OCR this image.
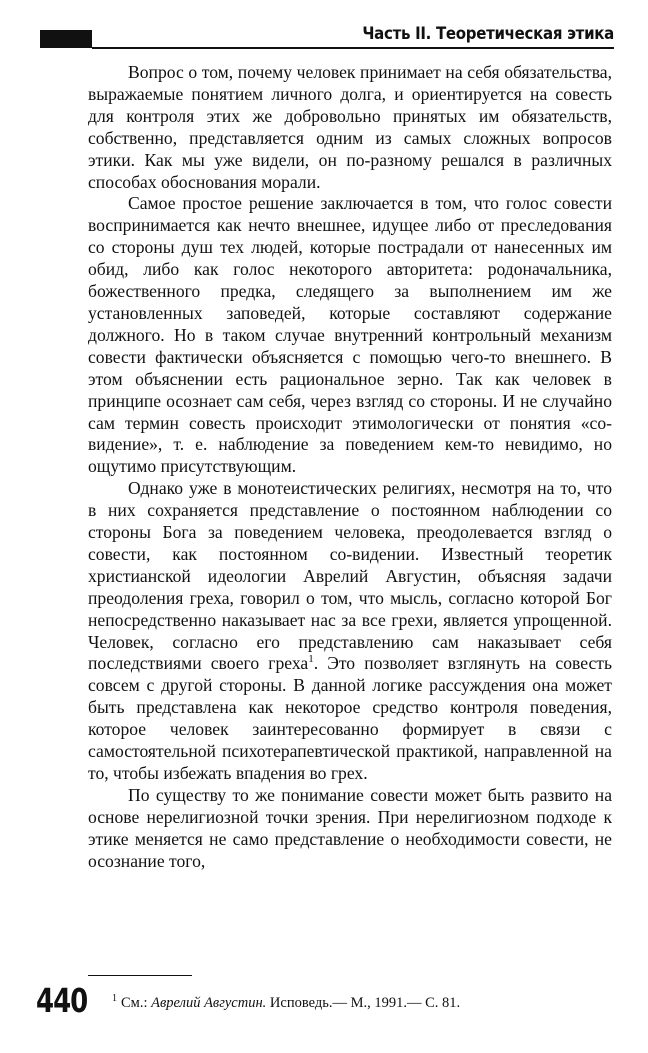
Часть II. Теоретическая этика

Вопрос о том, почему человек принимает на себя обязательства, выражаемые понятием личного долга, и ориентируется на совесть для контроля этих же добровольно принятых им обязательств, собственно, представляется одним из самых сложных вопросов этики. Как мы уже видели, он по-разному решался в различных способах обоснования морали.

Самое простое решение заключается в том, что голос совести воспринимается как нечто внешнее, идущее либо от преследования со стороны душ тех людей, которые пострадали от нанесенных им обид, либо как голос некоторого авторитета: родоначальника, божественного предка, следящего за выполнением им же установленных заповедей, которые составляют содержание должного. Но в таком случае внутренний контрольный механизм совести фактически объясняется с помощью чего-то внешнего. В этом объяснении есть рациональное зерно. Так как человек в принципе осознает сам себя, через взгляд со стороны. И не случайно сам термин совесть происходит этимологически от понятия «со-видение», т. е. наблюдение за поведением кем-то невидимо, но ощутимо присутствующим.

Однако уже в монотеистических религиях, несмотря на то, что в них сохраняется представление о постоянном наблюдении со стороны Бога за поведением человека, преодолевается взгляд о совести, как постоянном со-видении. Известный теоретик христианской идеологии Аврелий Августин, объясняя задачи преодоления греха, говорил о том, что мысль, согласно которой Бог непосредственно наказывает нас за все грехи, является упрощенной. Человек, согласно его представлению сам наказывает себя последствиями своего греха$^1$. Это позволяет взглянуть на совесть совсем с другой стороны. В данной логике рассуждения она может быть представлена как некоторое средство контроля поведения, которое человек заинтересованно формирует в связи с самостоятельной психотерапевтической практикой, направленной на то, чтобы избежать впадения во грех.

По существу то же понимание совести может быть развито на основе нерелигиозной точки зрения. При нерелигиозном подходе к этике меняется не само представление о необходимости совести, не осознание того,

440 $^1$ См.: Аврелий Августин. Исповедь.— М., 1991.— С. 81.
